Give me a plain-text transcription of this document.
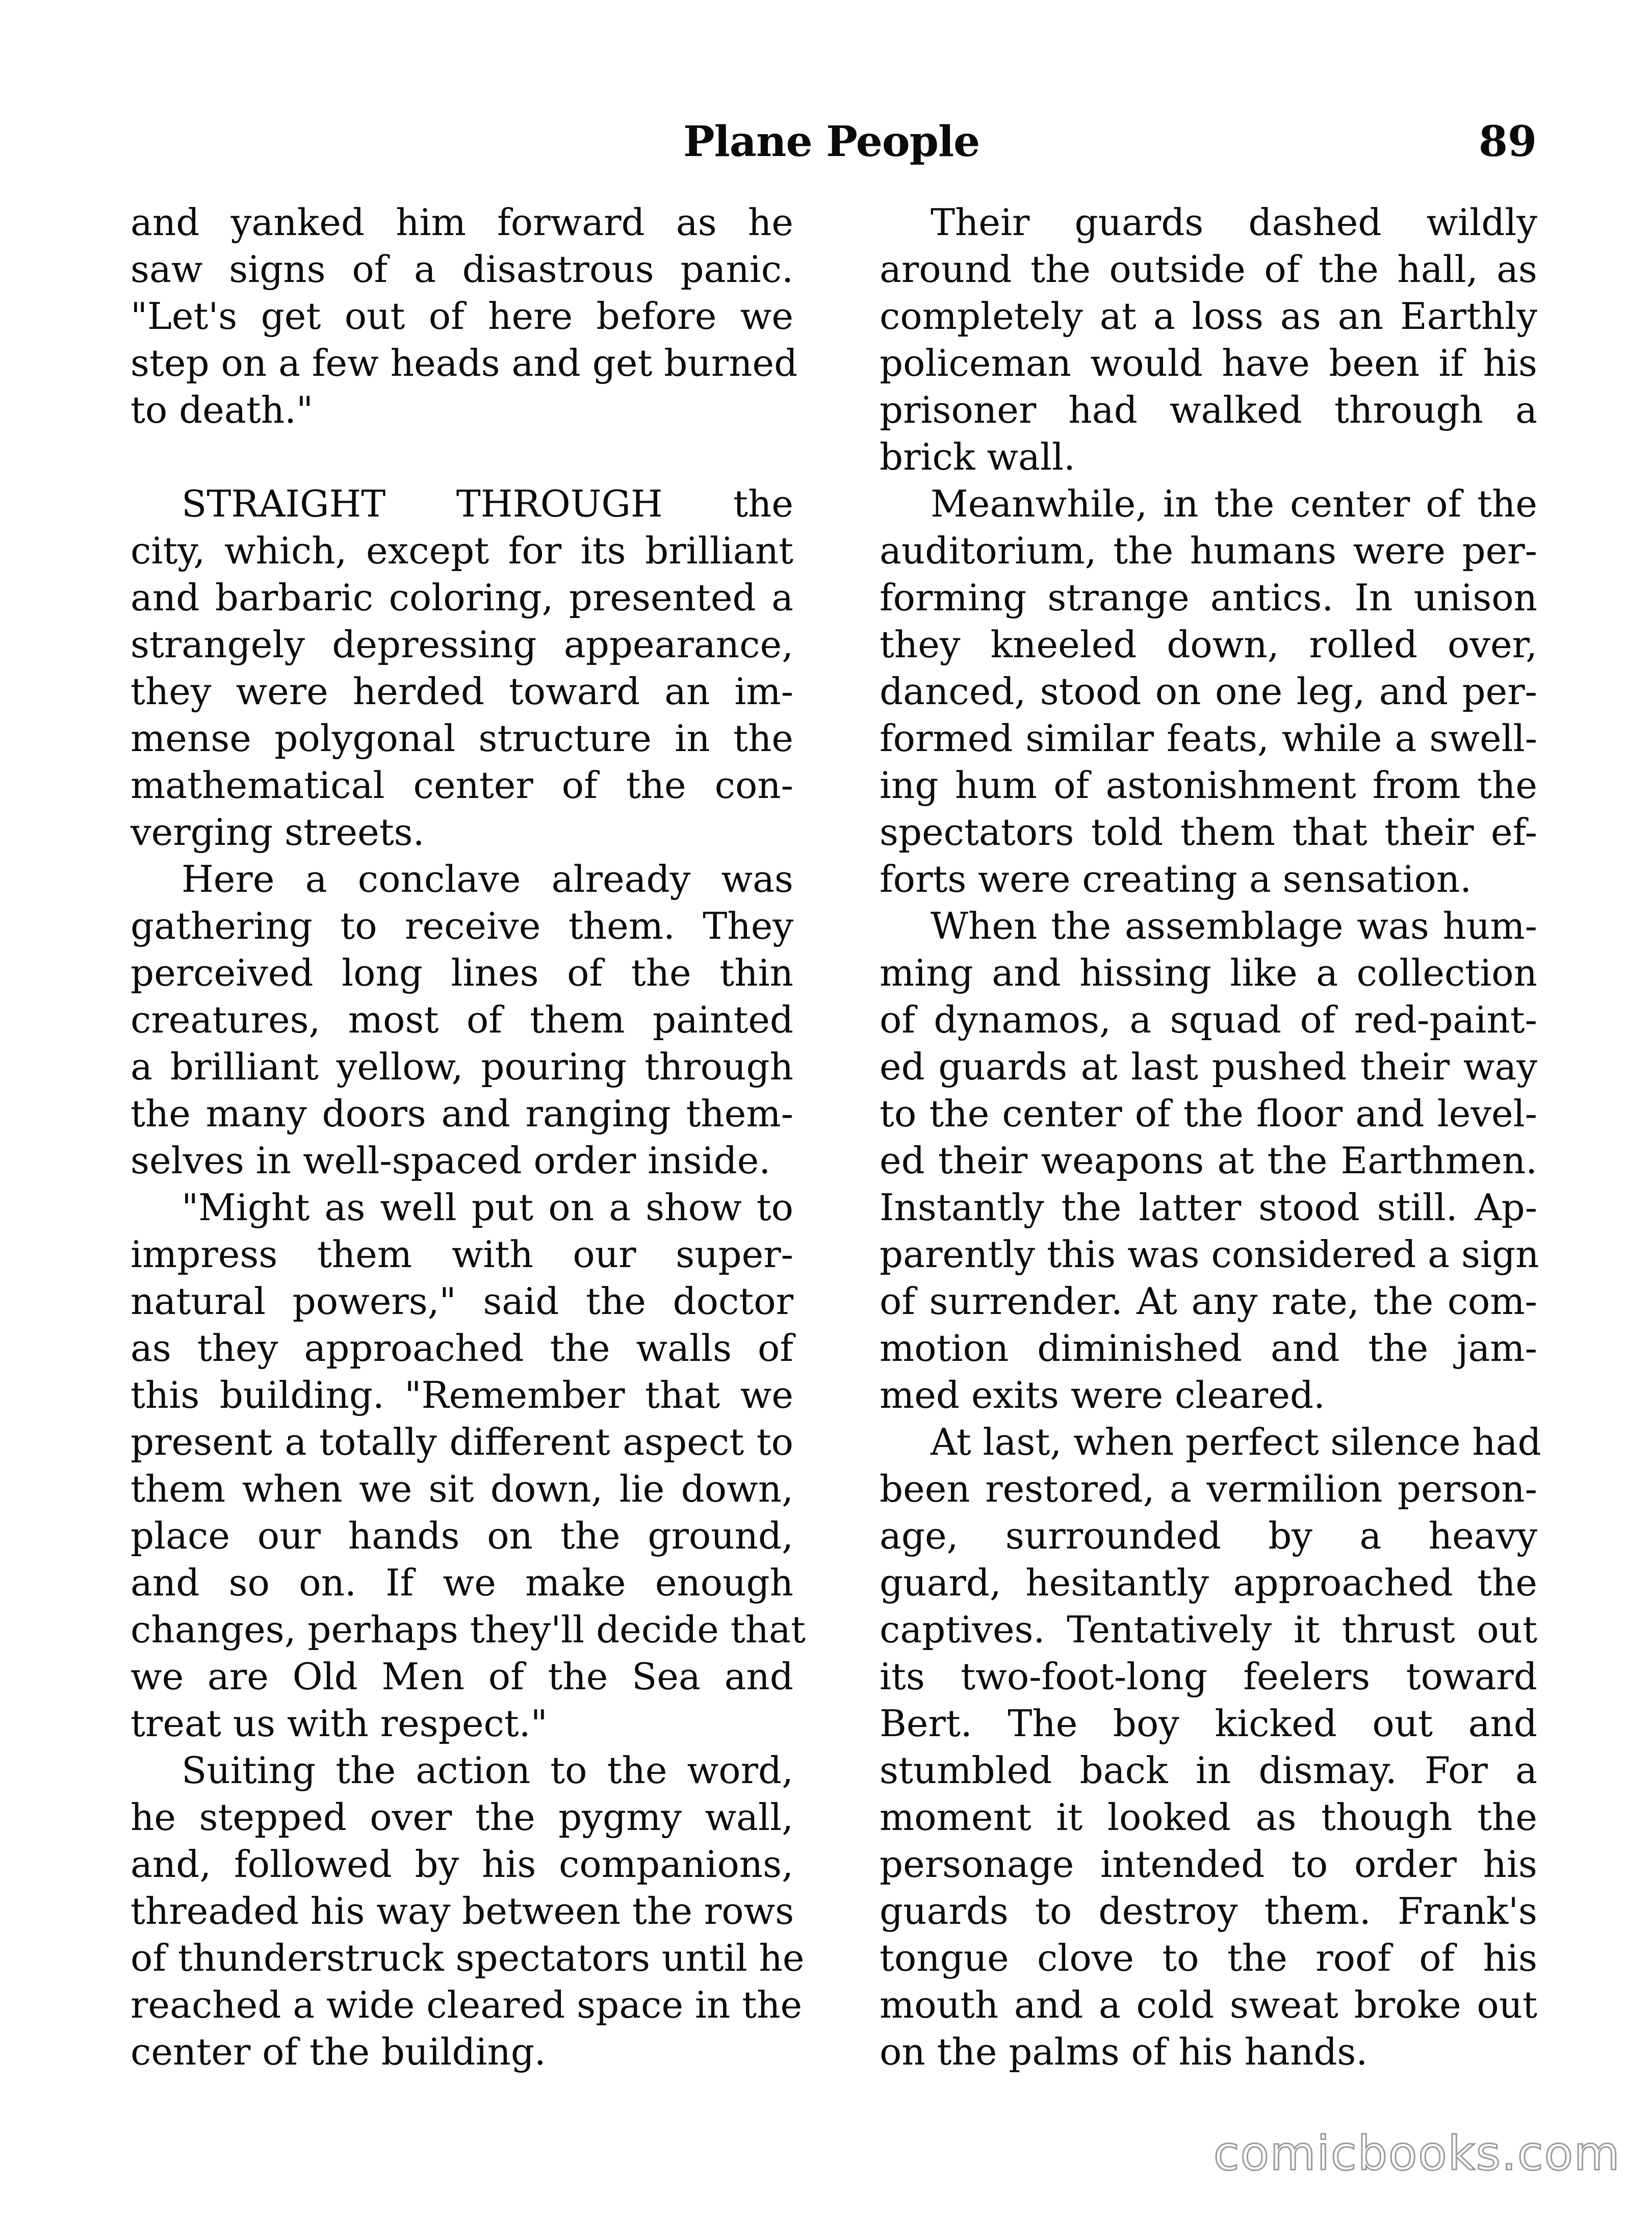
Plane People	89
and yanked him forward as he
saw signs of a disastrous panic.
"Let's get out of here before we
step on a few heads and get burned
to death."
STRAIGHT THROUGH the
city, which, except for its brilliant
and barbaric coloring, presented a
strangely depressing appearance,
they were herded toward an im-
mense polygonal structure in the
mathematical center of the con-
verging streets.
Here a conclave already was
gathering to receive them. They
perceived long lines of the thin
creatures, most of them painted
a brilliant yellow, pouring through
the many doors and ranging them-
selves in well-spaced order inside.
"Might as well put on a show to
impress them with our super-
natural powers," said the doctor
as they approached the walls of
this building. "Remember that we
present a totally different aspect to
them when we sit down, lie down,
place our hands on the ground,
and so on. If we make enough
changes, perhaps they'll decide that
we are Old Men of the Sea and
treat us with respect."
Suiting the action to the word,
he stepped over the pygmy wall,
and, followed by his companions,
threaded his way between the rows
of thunderstruck spectators until he
reached a wide cleared space in the
center of the building.
Their guards dashed wildly
around the outside of the hall, as
completely at a loss as an Earthly
policeman would have been if his
prisoner had walked through a
brick wall.
Meanwhile, in the center of the
auditorium, the humans were per-
forming strange antics. In unison
they kneeled down, rolled over,
danced, stood on one leg, and per-
formed similar feats, while a swell-
ing hum of astonishment from the
spectators told them that their ef-
forts were creating a sensation.
When the assemblage was hum-
ming and hissing like a collection
of dynamos, a squad of red-paint-
ed guards at last pushed their way
to the center of the floor and level-
ed their weapons at the Earthmen.
Instantly the latter stood still. Ap-
parently this was considered a sign
of surrender. At any rate, the com-
motion diminished and the jam-
med exits were cleared.
At last, when perfect silence had
been restored, a vermilion person-
age, surrounded by a heavy
guard, hesitantly approached the
captives. Tentatively it thrust out
its two-foot-long feelers toward
Bert. The boy kicked out and
stumbled back in dismay. For a
moment it looked as though the
personage intended to order his
guards to destroy them. Frank's
tongue clove to the roof of his
mouth and a cold sweat broke out
on the palms of his hands.
comicbooks.com
